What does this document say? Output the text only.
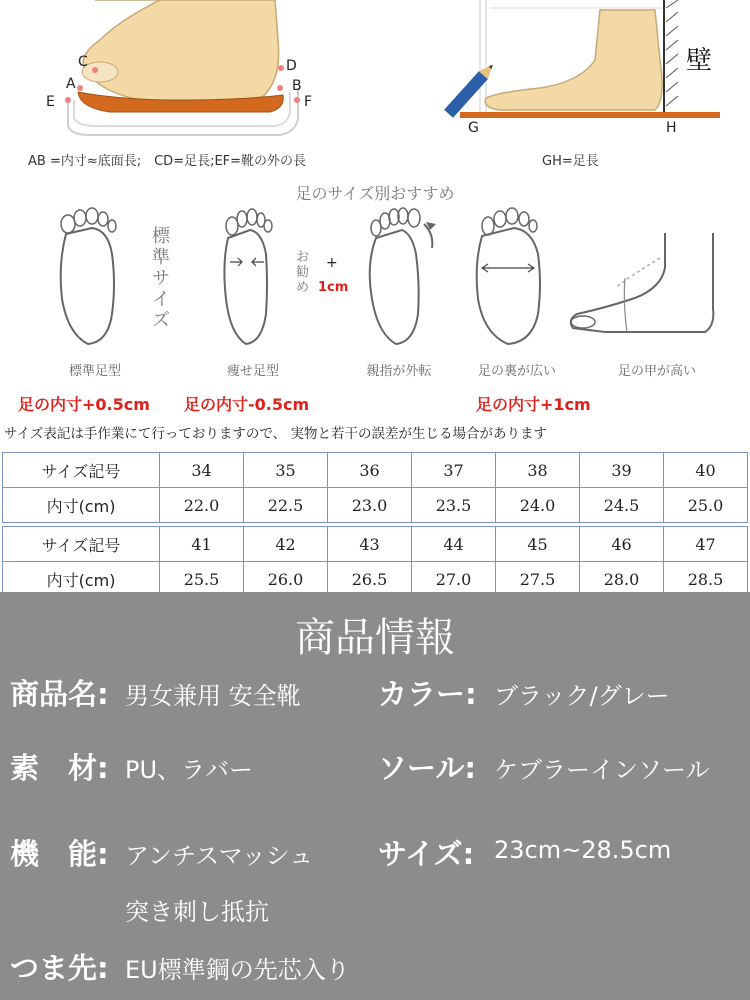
A	B
C	D
E	F
AB =内寸≈底面長;　CD=足長;EF=靴の外の長
G	H
壁
GH=足長
足のサイズ別おすすめ
標準サイズ
お勧め
+
1cm
標準足型	痩せ足型	親指が外転	足の裏が広い	足の甲が高い
足の内寸+0.5cm 足の内寸-0.5cm	足の内寸+1cm
サイズ表記は手作業にて行っておりますので、 実物と若干の誤差が生じる場合があります
サイズ記号	34	35	36	37	38	39	40
内寸(cm)	22.0	22.5	23.0	23.5	24.0	24.5	25.0

サイズ記号	41	42	43	44	45	46	47
内寸(cm)	25.5	26.0	26.5	27.0	27.5	28.0	28.5
商品情報
商品名: 男女兼用 安全靴	カラー: ブラック/グレー
素　材: PU、ラバー	ソール: ケブラーインソール
機　能: アンチスマッシュ
突き刺し抵抗
サイズ: 23cm~28.5cm
つま先: EU標準鋼の先芯入り
